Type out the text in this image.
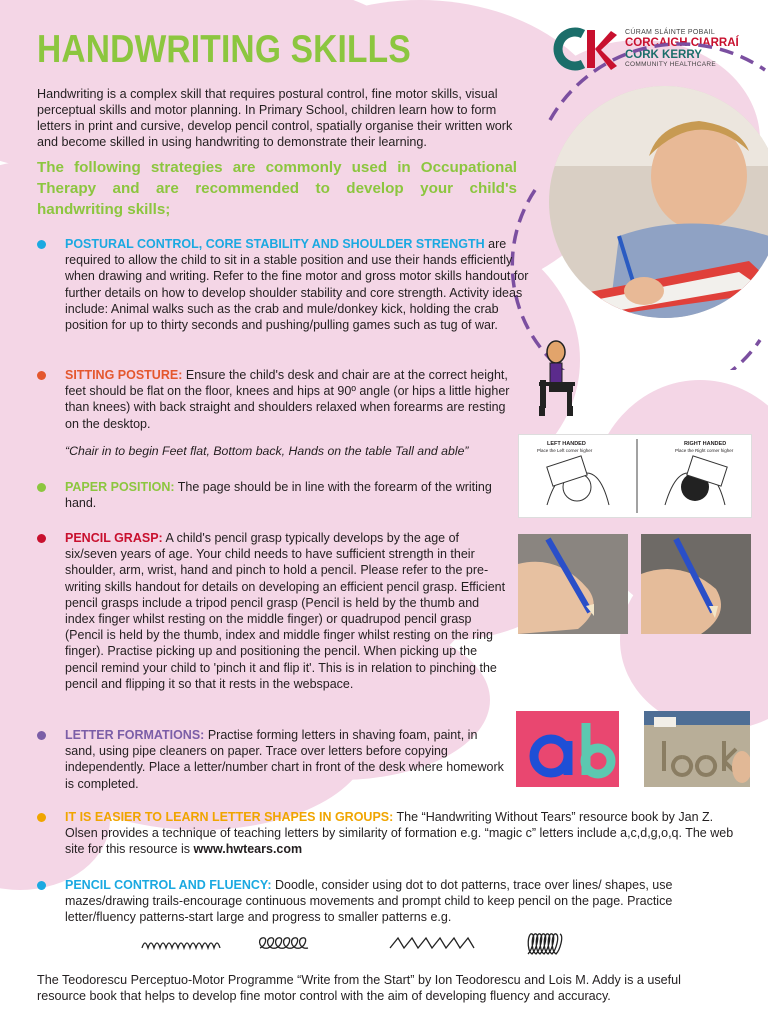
HANDWRITING SKILLS	CÚRAM SLÁINTE POBAIL
CORCAIGH CIARRAÍ
CORK KERRY
COMMUNITY HEALTHCARE

Handwriting is a complex skill that requires postural control, fine motor skills, visual perceptual skills and motor planning. In Primary School, children learn how to form letters in print and cursive, develop pencil control, spatially organise their written work and become skilled in using handwriting to demonstrate their learning.

The following strategies are commonly used in Occupational Therapy and are recommended to develop your child's handwriting skills;

POSTURAL CONTROL, CORE STABILITY AND SHOULDER STRENGTH are required to allow the child to sit in a stable position and use their hands efficiently when drawing and writing. Refer to the fine motor and gross motor skills handout for further details on how to develop shoulder stability and core strength. Activity ideas include: Animal walks such as the crab and mule/donkey kick, holding the crab position for up to thirty seconds and pushing/pulling games such as tug of war.
SITTING POSTURE: Ensure the child's desk and chair are at the correct height, feet should be flat on the floor, knees and hips at 90º angle (or hips a little higher than knees) with back straight and shoulders relaxed when forearms are resting on the desktop.

“Chair in to begin Feet flat, Bottom back, Hands on the table Tall and able”	LEFT HANDED
Place the Left corner higher
RIGHT HANDED
Place the Right corner higher
PAPER POSITION: The page should be in line with the forearm of the writing hand.
PENCIL GRASP: A child's pencil grasp typically develops by the age of six/seven years of age. Your child needs to have sufficient strength in their shoulder, arm, wrist, hand and pinch to hold a pencil. Please refer to the pre-writing skills handout for details on developing an efficient pencil grasp. Efficient pencil grasps include a tripod pencil grasp (Pencil is held by the thumb and index finger whilst resting on the middle finger) or quadrupod pencil grasp (Pencil is held by the thumb, index and middle finger whilst resting on the ring finger). Practise picking up and positioning the pencil. When picking up the pencil remind your child to 'pinch it and flip it'. This is in relation to pinching the pencil and flipping it so that it rests in the webspace.
LETTER FORMATIONS: Practise forming letters in shaving foam, paint, in sand, using pipe cleaners on paper. Trace over letters before copying independently. Place a letter/number chart in front of the desk where homework is completed.
IT IS EASIER TO LEARN LETTER SHAPES IN GROUPS: The “Handwriting Without Tears” resource book by Jan Z. Olsen provides a technique of teaching letters by similarity of formation e.g. “magic c” letters include a,c,d,g,o,q. The web site for this resource is www.hwtears.com
PENCIL CONTROL AND FLUENCY: Doodle, consider using dot to dot patterns, trace over lines/ shapes, use mazes/drawing trails-encourage continuous movements and prompt child to keep pencil on the page. Practice letter/fluency patterns-start large and progress to smaller patterns e.g.

The Teodorescu Perceptuo-Motor Programme “Write from the Start” by Ion Teodorescu and Lois M. Addy is a useful resource book that helps to develop fine motor control with the aim of developing fluency and accuracy.
